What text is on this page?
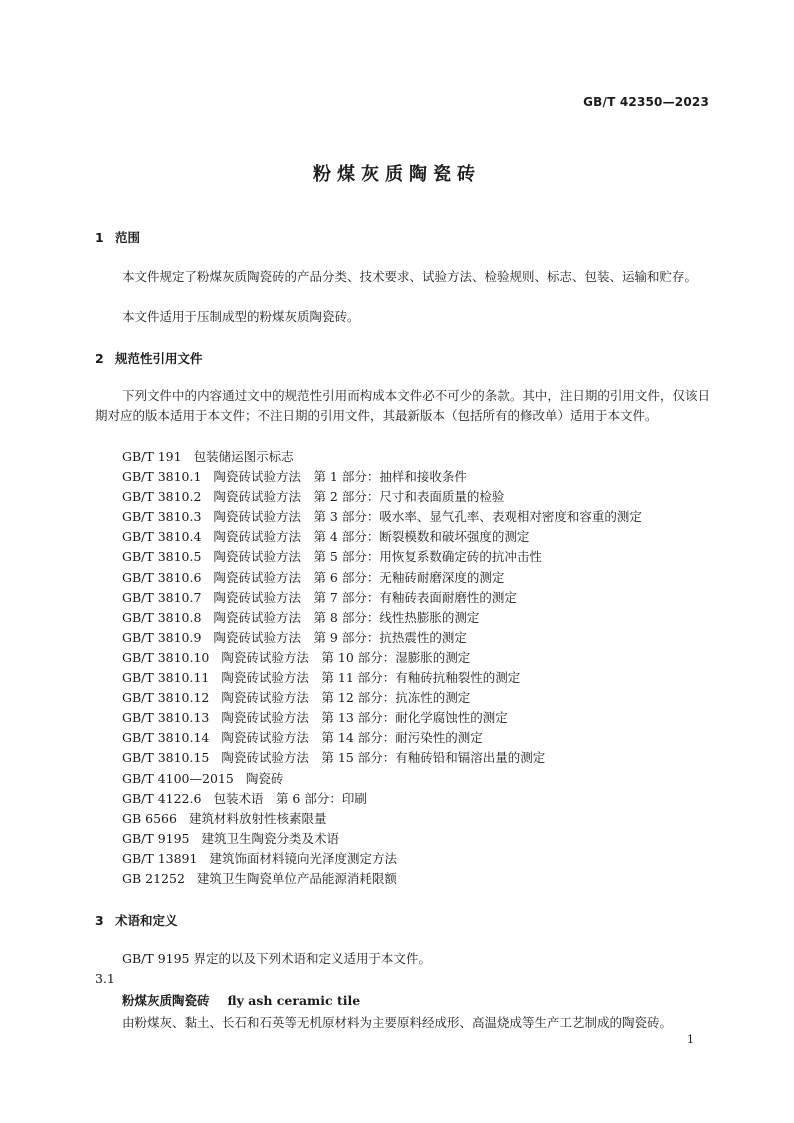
GB/T 42350—2023
粉煤灰质陶瓷砖
1 范围

本文件规定了粉煤灰质陶瓷砖的产品分类、技术要求、试验方法、检验规则、标志、包装、运输和贮存。

本文件适用于压制成型的粉煤灰质陶瓷砖。

2 规范性引用文件

下列文件中的内容通过文中的规范性引用而构成本文件必不可少的条款。其中，注日期的引用文件，仅该日期对应的版本适用于本文件；不注日期的引用文件，其最新版本（包括所有的修改单）适用于本文件。

GB/T 191 包装储运图示标志
GB/T 3810.1 陶瓷砖试验方法　第 1 部分：抽样和接收条件
GB/T 3810.2 陶瓷砖试验方法　第 2 部分：尺寸和表面质量的检验
GB/T 3810.3 陶瓷砖试验方法　第 3 部分：吸水率、显气孔率、表观相对密度和容重的测定
GB/T 3810.4 陶瓷砖试验方法　第 4 部分：断裂模数和破坏强度的测定
GB/T 3810.5 陶瓷砖试验方法　第 5 部分：用恢复系数确定砖的抗冲击性
GB/T 3810.6 陶瓷砖试验方法　第 6 部分：无釉砖耐磨深度的测定
GB/T 3810.7 陶瓷砖试验方法　第 7 部分：有釉砖表面耐磨性的测定
GB/T 3810.8 陶瓷砖试验方法　第 8 部分：线性热膨胀的测定
GB/T 3810.9 陶瓷砖试验方法　第 9 部分：抗热震性的测定
GB/T 3810.10 陶瓷砖试验方法　第 10 部分：湿膨胀的测定
GB/T 3810.11 陶瓷砖试验方法　第 11 部分：有釉砖抗釉裂性的测定
GB/T 3810.12 陶瓷砖试验方法　第 12 部分：抗冻性的测定
GB/T 3810.13 陶瓷砖试验方法　第 13 部分：耐化学腐蚀性的测定
GB/T 3810.14 陶瓷砖试验方法　第 14 部分：耐污染性的测定
GB/T 3810.15 陶瓷砖试验方法　第 15 部分：有釉砖铅和镉溶出量的测定
GB/T 4100—2015 陶瓷砖
GB/T 4122.6 包装术语　第 6 部分：印刷
GB 6566 建筑材料放射性核素限量
GB/T 9195 建筑卫生陶瓷分类及术语
GB/T 13891 建筑饰面材料镜向光泽度测定方法
GB 21252 建筑卫生陶瓷单位产品能源消耗限额
3 术语和定义

GB/T 9195 界定的以及下列术语和定义适用于本文件。

3.1
粉煤灰质陶瓷砖 fly ash ceramic tile
由粉煤灰、黏土、长石和石英等无机原材料为主要原料经成形、高温烧成等生产工艺制成的陶瓷砖。
1
